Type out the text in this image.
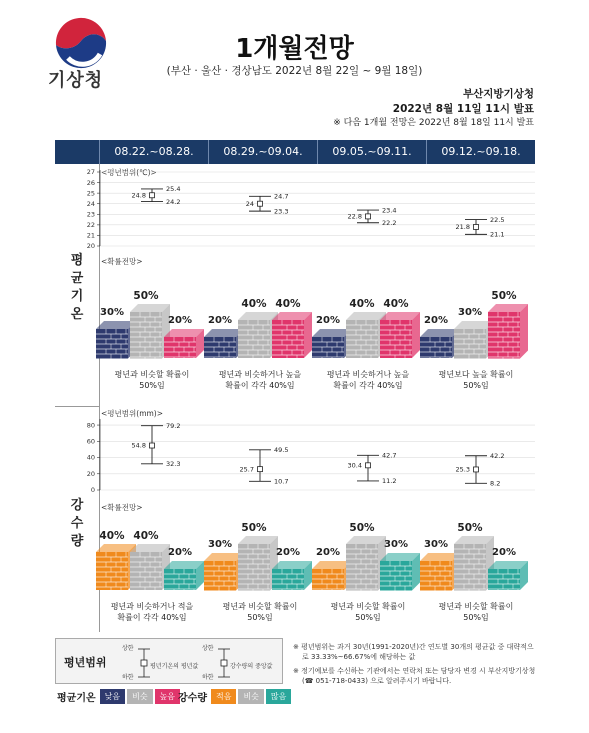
기상청
1개월전망
(부산 · 울산 · 경상남도 2022년 8월 22일 ~ 9월 18일)
부산지방기상청
2022년 8월 11일 11시 발표
※ 다음 1개월 전망은 2022년 8월 18일 11시 발표
08.22.~08.28.	08.29.~09.04.	09.05.~09.11.	09.12.~09.18.
평
균
기
온
<평년범위(℃)>
20
21
22
23
24
25
26
27
25.4
24.2
24.8	24.7
23.3
24
23.4
22.2
22.8	22.5
21.1
21.8
<확률전망>
30%
50%
20%
평년과 비슷할 확률이
50%임
20%
40% 40%
평년과 비슷하거나 높을
확률이 각각 40%임
20%
40% 40%
평년과 비슷하거나 높을
확률이 각각 40%임
20%
30%
50%
평년보다 높을 확률이
50%임
강
수
량
<평년범위(mm)>
0
20
40
60
80	79.2
32.3
54.8
49.5
10.7
25.7
42.7
11.2
30.4
42.2
8.2
25.3
<확률전망>
40% 40%
20%
평년과 비슷하거나 적을
확률이 각각 40%임
30%
50%
20%
평년과 비슷할 확률이
50%임
20%
50%
30%
평년과 비슷할 확률이
50%임
30%
50%
20%
평년과 비슷할 확률이
50%임
평년범위
상한
하한
평년기온의 평년값
상한
하한
강수량의 중앙값
평균기온	낮음	비슷	높음 강수량	적음	비슷	많음

※ 평년범위는 과거 30년(1991-2020년)간 연도별 30개의 평균값 중 대략적으로 33.33%~66.67%에 해당하는 값

※ 정기예보를 수신하는 기관에서는 연락처 또는 담당자 변경 시 부산지방기상청(☎ 051-718-0433) 으로 알려주시기 바랍니다.
